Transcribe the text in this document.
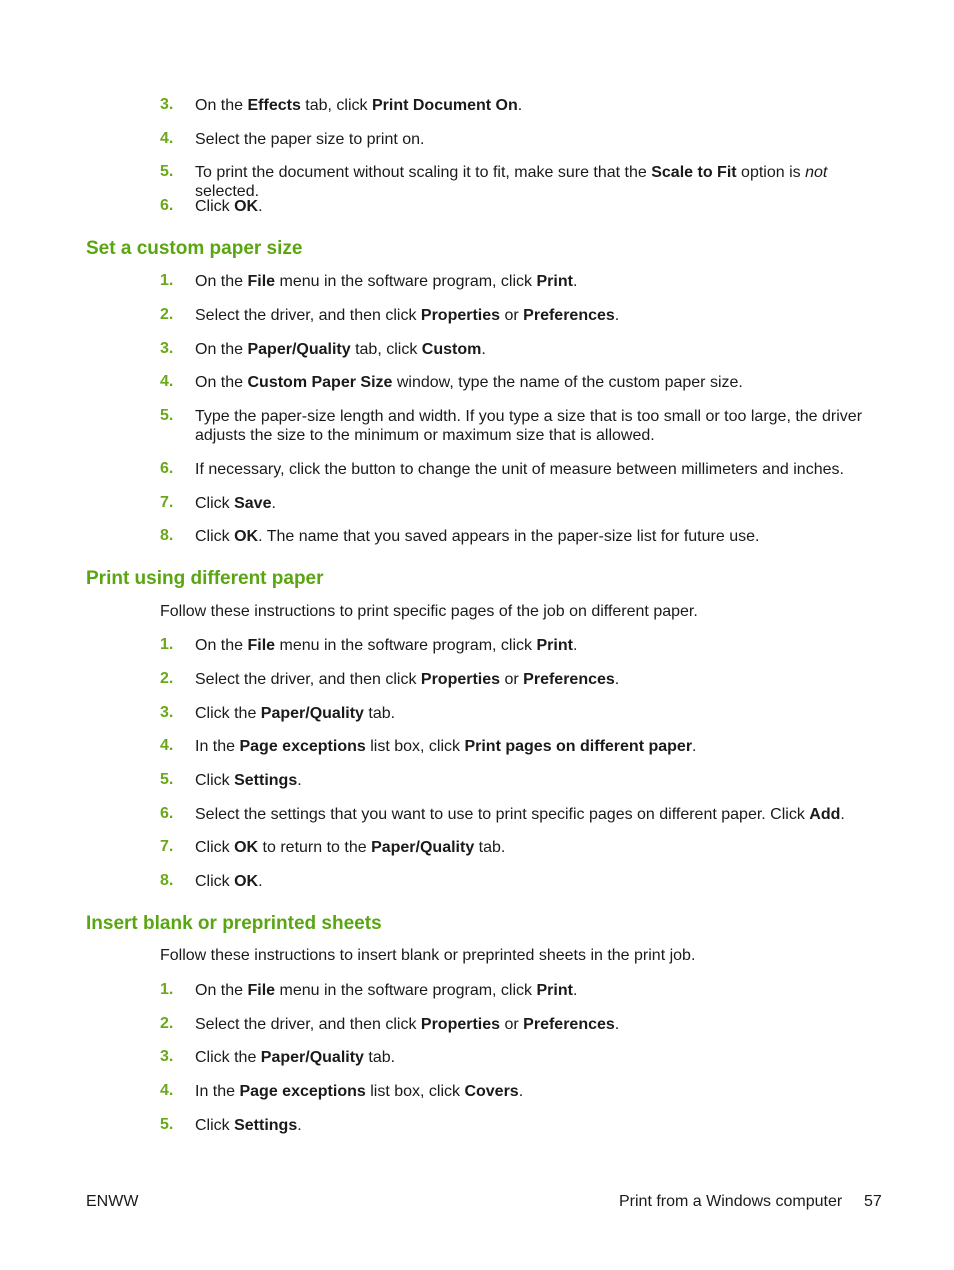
3. On the Effects tab, click Print Document On.
4. Select the paper size to print on.
5. To print the document without scaling it to fit, make sure that the Scale to Fit option is not selected.
6. Click OK.
Set a custom paper size
1. On the File menu in the software program, click Print.
2. Select the driver, and then click Properties or Preferences.
3. On the Paper/Quality tab, click Custom.
4. On the Custom Paper Size window, type the name of the custom paper size.
5. Type the paper-size length and width. If you type a size that is too small or too large, the driver adjusts the size to the minimum or maximum size that is allowed.
6. If necessary, click the button to change the unit of measure between millimeters and inches.
7. Click Save.
8. Click OK. The name that you saved appears in the paper-size list for future use.
Print using different paper
Follow these instructions to print specific pages of the job on different paper.
1. On the File menu in the software program, click Print.
2. Select the driver, and then click Properties or Preferences.
3. Click the Paper/Quality tab.
4. In the Page exceptions list box, click Print pages on different paper.
5. Click Settings.
6. Select the settings that you want to use to print specific pages on different paper. Click Add.
7. Click OK to return to the Paper/Quality tab.
8. Click OK.
Insert blank or preprinted sheets
Follow these instructions to insert blank or preprinted sheets in the print job.
1. On the File menu in the software program, click Print.
2. Select the driver, and then click Properties or Preferences.
3. Click the Paper/Quality tab.
4. In the Page exceptions list box, click Covers.
5. Click Settings.
ENWW	Print from a Windows computer 57
